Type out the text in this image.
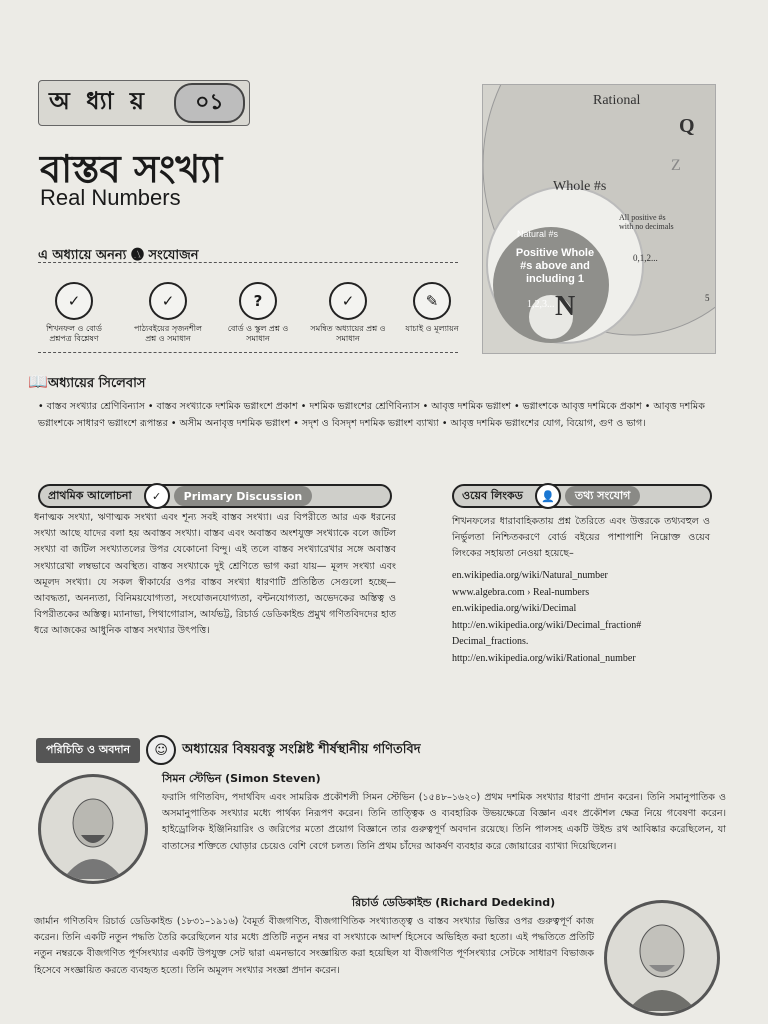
অ ধ্যা য়	০১
বাস্তব সংখ্যা
Real Numbers
Rational
Q
Z
Whole #s
All positive #s with no decimals
0,1,2...
Natural #s
Positive Whole #s above and including 1
1,2,3... N	5
এ অধ্যায়ে অনন্য 🅐 সংযোজন
✓
শিখনফল ও বোর্ড প্রশ্নপত্র বিশ্লেষণ
✓
পাঠ্যবইয়ের সৃজনশীল প্রশ্ন ও সমাধান
?
বোর্ড ও স্কুল প্রশ্ন ও সমাধান
✓
সমন্বিত অধ্যায়ের প্রশ্ন ও সমাধান
✎
যাচাই ও মূল্যায়ন
📖 অধ্যায়ের সিলেবাস
• বাস্তব সংখ্যার শ্রেণিবিন্যাস • বাস্তব সংখ্যাকে দশমিক ভগ্নাংশে প্রকাশ • দশমিক ভগ্নাংশের শ্রেণিবিন্যাস • আবৃত্ত দশমিক ভগ্নাংশ • ভগ্নাংশকে আবৃত্ত দশমিকে প্রকাশ • আবৃত্ত দশমিক ভগ্নাংশকে সাধারণ ভগ্নাংশে রূপান্তর • অসীম অনাবৃত্ত দশমিক ভগ্নাংশ • সদৃশ ও বিসদৃশ দশমিক ভগ্নাংশ ব্যাখ্যা • আবৃত্ত দশমিক ভগ্নাংশের যোগ, বিয়োগ, গুণ ও ভাগ।
প্রাথমিক আলোচনা	✓	Primary Discussion
ধনাত্মক সংখ্যা, ঋণাত্মক সংখ্যা এবং শূন্য সবই বাস্তব সংখ্যা। এর বিপরীতে আর এক ধরনের সংখ্যা আছে যাদের বলা হয় অবাস্তব সংখ্যা। বাস্তব এবং অবাস্তব অংশযুক্ত সংখ্যাকে বলে জটিল সংখ্যা বা জটিল সংখ্যাতলের উপর যেকোনো বিন্দু। এই তলে বাস্তব সংখ্যারেখার সঙ্গে অবাস্তব সংখ্যারেখা লম্বভাবে অবস্থিত। বাস্তব সংখ্যাকে দুই শ্রেণিতে ভাগ করা যায়— মূলদ সংখ্যা এবং অমূলদ সংখ্যা। যে সকল স্বীকার্যের ওপর বাস্তব সংখ্যা ধারণাটি প্রতিষ্ঠিত সেগুলো হচ্ছে— আবদ্ধতা, অনন্যতা, বিনিময়যোগ্যতা, সংযোজনযোগ্যতা, বন্টনযোগ্যতা, অভেদকের অস্তিত্ব ও বিপরীতকের অস্তিত্ব। ম্যানাভা, পিথাগোরাস, আর্যভট্ট, রিচার্ড ডেডিকাইন্ড প্রমুখ গণিতবিদদের হাত ধরে আজকের আধুনিক বাস্তব সংখ্যার উৎপত্তি।
ওয়েব লিংকড	👤	তথ্য সংযোগ
শিখনফলের ধারাবাহিকতায় প্রশ্ন তৈরিতে এবং উত্তরকে তথ্যবহুল ও নির্ভুলতা নিশ্চিতকরণে বোর্ড বইয়ের পাশাপাশি নিম্নোক্ত ওয়েব লিংকের সহায়তা নেওয়া হয়েছে–
en.wikipedia.org/wiki/Natural_number
www.algebra.com › Real-numbers
en.wikipedia.org/wiki/Decimal
http://en.wikipedia.org/wiki/Decimal_fraction#
Decimal_fractions.
http://en.wikipedia.org/wiki/Rational_number
পরিচিতি ও অবদান	☺	অধ্যায়ের বিষয়বস্তু সংশ্লিষ্ট শীর্ষস্থানীয় গণিতবিদ
সিমন স্টেভিন (Simon Steven)
ফরাসি গণিতবিদ, পদার্থবিদ এবং সামরিক প্রকৌশলী সিমন স্টেভিন (১৫৪৮–১৬২০) প্রথম দশমিক সংখ্যার ধারণা প্রদান করেন। তিনি সমানুপাতিক ও অসমানুপাতিক সংখ্যার মধ্যে পার্থক্য নিরূপণ করেন। তিনি তাত্ত্বিক ও ব্যবহারিক উভয়ক্ষেত্রে বিজ্ঞান এবং প্রকৌশল ক্ষেত্র নিয়ে গবেষণা করেন। হাইড্রোলিক ইঞ্জিনিয়ারিং ও জরিপের মতো প্রয়োগ বিজ্ঞানে তার গুরুত্বপূর্ণ অবদান রয়েছে। তিনি পালসহ একটি উইন্ড রথ আবিষ্কার করেছিলেন, যা বাতাসের শক্তিতে ঘোড়ার চেয়েও বেশি বেগে চলত। তিনি প্রথম চাঁদের আকর্ষণ ব্যবহার করে জোয়ারের ব্যাখ্যা দিয়েছিলেন।
রিচার্ড ডেডিকাইন্ড (Richard Dedekind)
জার্মান গণিতবিদ রিচার্ড ডেডিকাইন্ড (১৮৩১–১৯১৬) বৈমূর্ত বীজগণিত, বীজগাণিতিক সংখ্যাতত্ত্ব ও বাস্তব সংখ্যার ভিত্তির ওপর গুরুত্বপূর্ণ কাজ করেন। তিনি একটি নতুন পদ্ধতি তৈরি করেছিলেন যার মধ্যে প্রতিটি নতুন নম্বর বা সংখ্যাকে আদর্শ হিসেবে অভিহিত করা হতো। এই পদ্ধতিতে প্রতিটি নতুন নম্বরকে বীজগণিত পূর্ণসংখ্যার একটি উপযুক্ত সেট দ্বারা এমনভাবে সংজ্ঞায়িত করা হয়েছিল যা বীজগণিত পূর্ণসংখ্যার সেটকে সাধারণ বিভাজক হিসেবে সংজ্ঞায়িত করতে ব্যবহৃত হতো। তিনি অমূলদ সংখ্যার সংজ্ঞা প্রদান করেন।
